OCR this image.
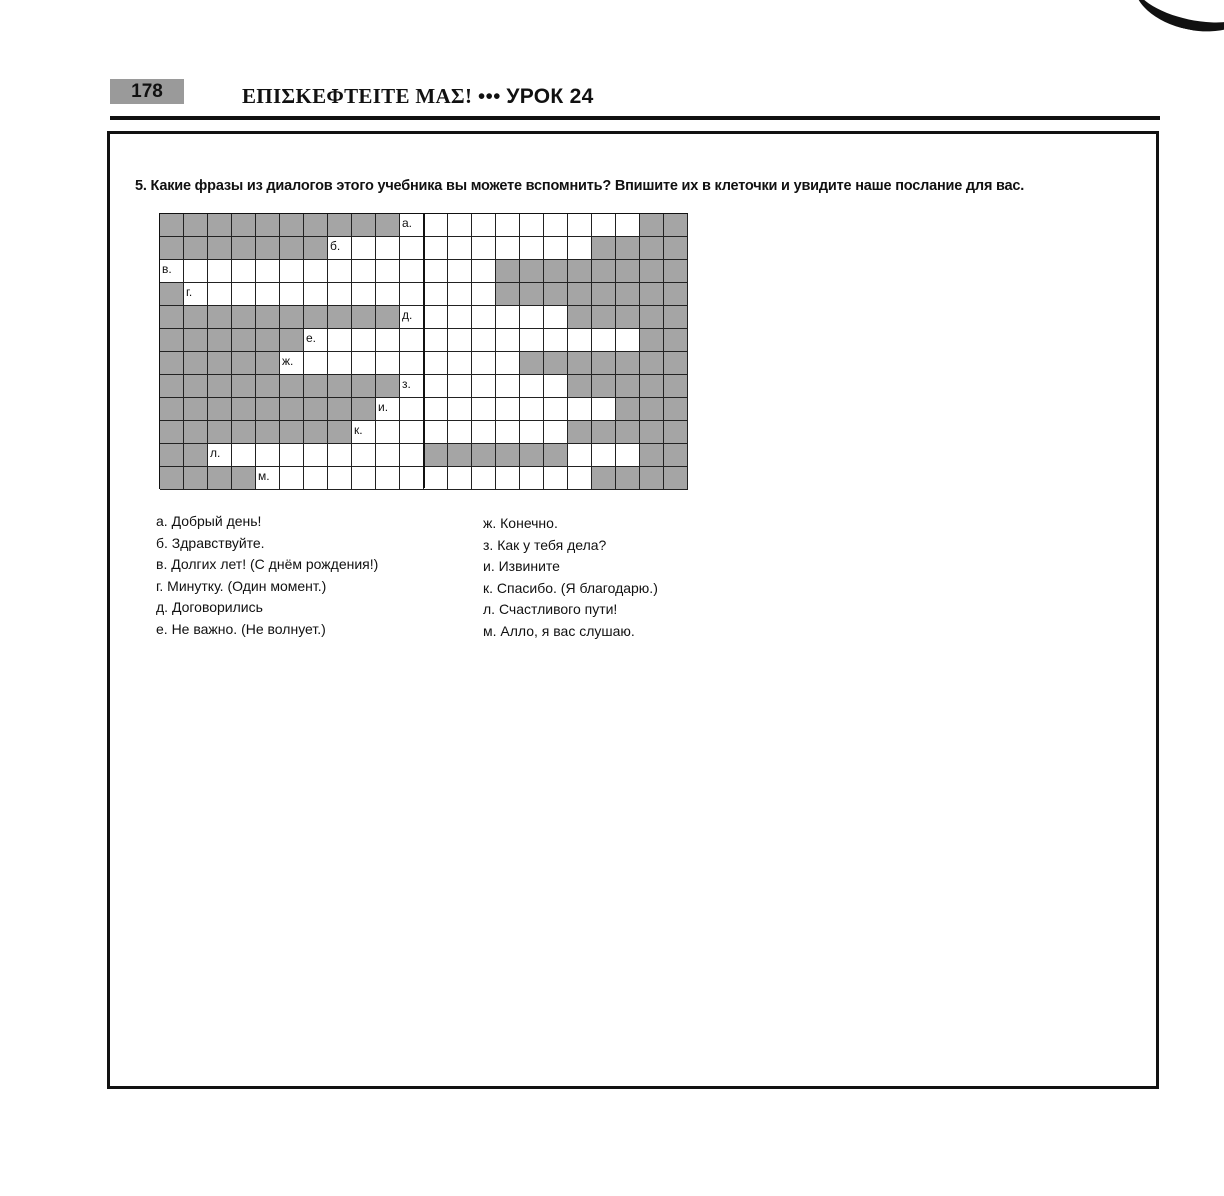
178	ΕΠΙΣΚΕΦΤΕΙΤΕ ΜΑΣ! ••• УРОК 24
5. Какие фразы из диалогов этого учебника вы можете вспомнить? Впишите их в клеточки и увидите наше послание для вас.
а.
б.
в.
г.
д.
е.
ж.
з.
и.
к.
л.
м.
а. Добрый день!
б. Здравствуйте.
в. Долгих лет! (С днём рождения!)
г. Минутку. (Один момент.)
д. Договорились
е. Не важно. (Не волнует.)
ж. Конечно.
з. Как у тебя дела?
и. Извините
к. Спасибо. (Я благодарю.)
л. Счастливого пути!
м. Алло, я вас слушаю.
